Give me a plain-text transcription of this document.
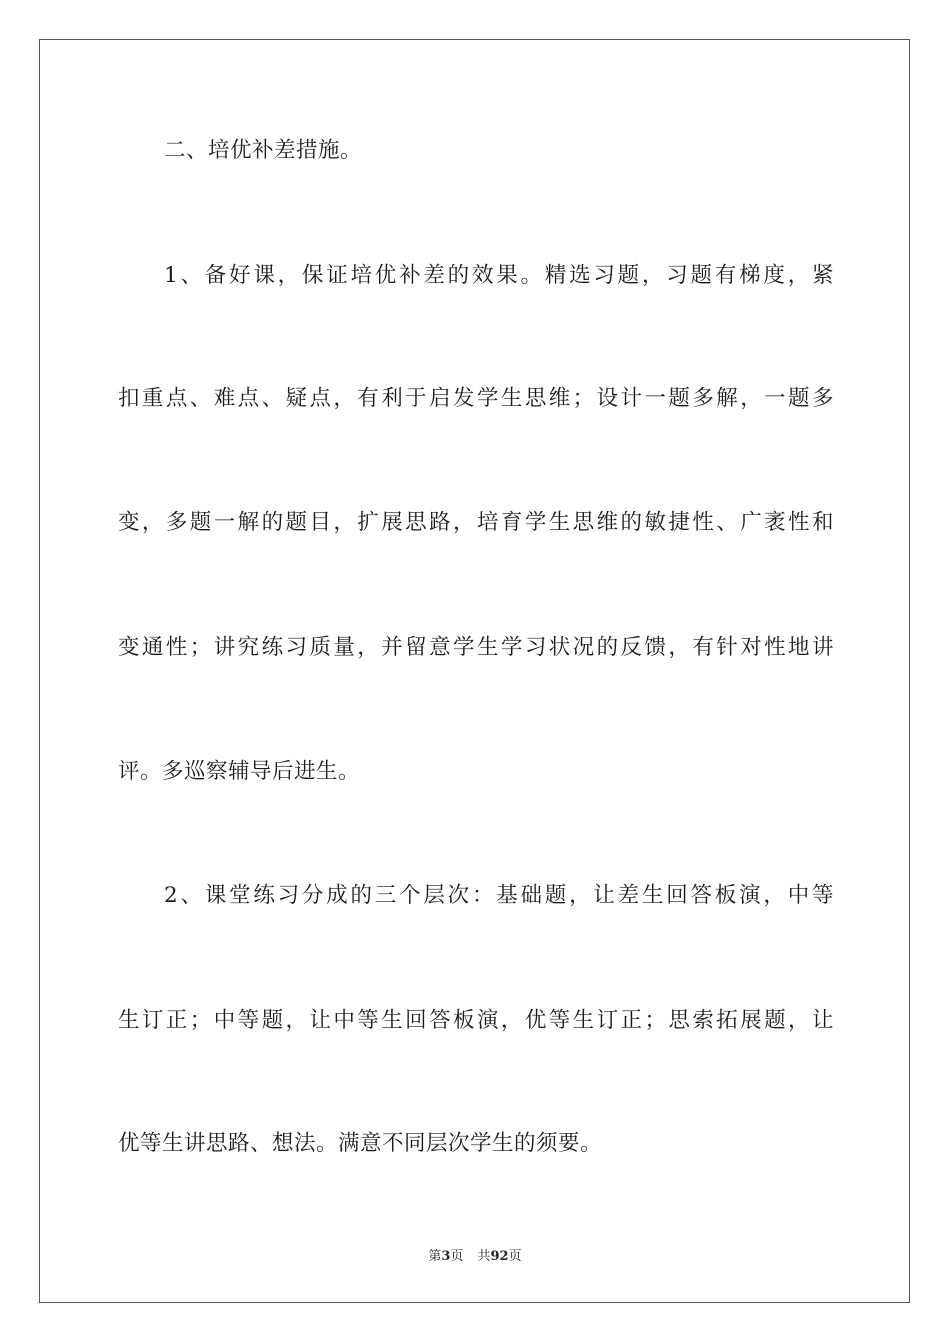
二、培优补差措施。
1、备好课，保证培优补差的效果。精选习题，习题有梯度，紧
扣重点、难点、疑点，有利于启发学生思维；设计一题多解，一题多
变，多题一解的题目，扩展思路，培育学生思维的敏捷性、广袤性和
变通性；讲究练习质量，并留意学生学习状况的反馈，有针对性地讲
评。多巡察辅导后进生。
2、课堂练习分成的三个层次：基础题，让差生回答板演，中等
生订正；中等题，让中等生回答板演，优等生订正；思索拓展题，让
优等生讲思路、想法。满意不同层次学生的须要。
第3页 共92页
